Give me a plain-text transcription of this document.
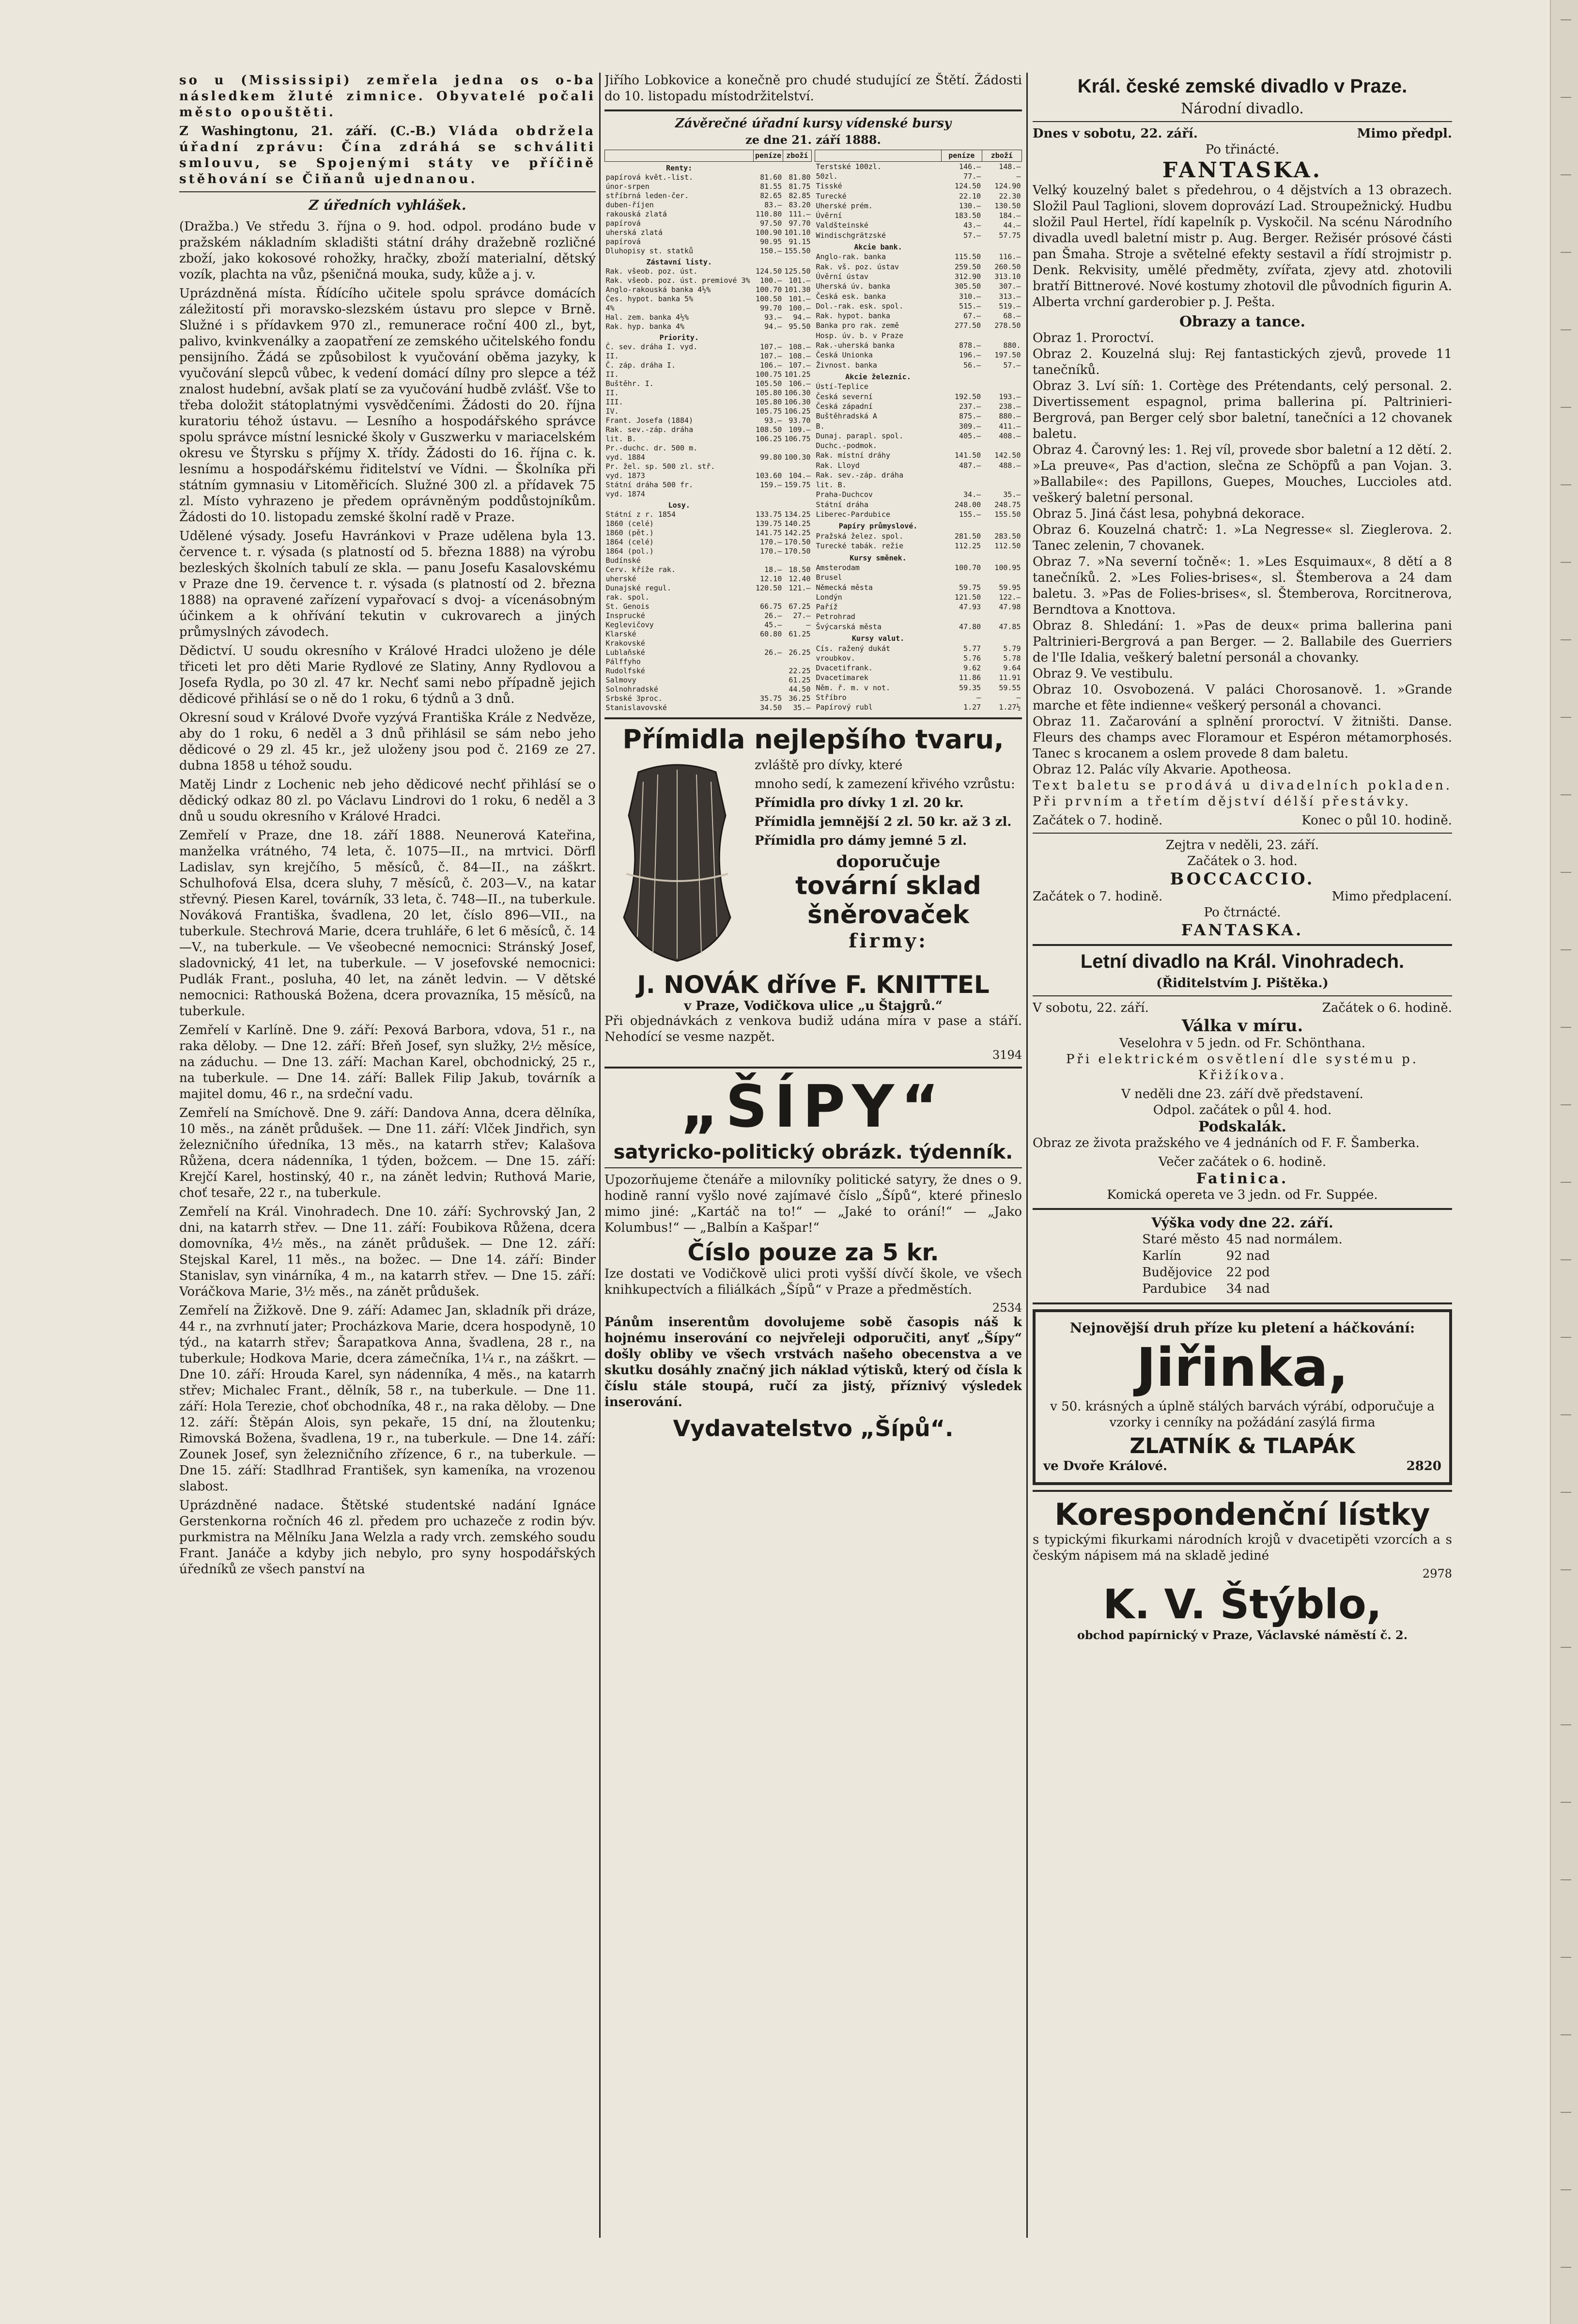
so u (Mississipi) zemřela jedna os o-ba následkem žluté zimnice. Obyvatelé počali město opouštěti.

Z Washingtonu, 21. září. (C.-B.) Vláda obdržela úřadní zprávu: Čína zdráhá se schváliti smlouvu, se Spojenými státy ve příčině stěhování se Čiňanů ujednanou.

Z úředních vyhlášek.

(Dražba.) Ve středu 3. října o 9. hod. odpol. prodáno bude v pražském nákladním skladišti státní dráhy dražebně rozličné zboží, jako kokosové rohožky, hračky, zboží materialní, dětský vozík, plachta na vůz, pšeničná mouka, sudy, kůže a j. v.

Uprázdněná místa. Řídícího učitele spolu správce domácích záležitostí při moravsko-slezském ústavu pro slepce v Brně. Služné i s přídavkem 970 zl., remunerace roční 400 zl., byt, palivo, kvinkvenálky a zaopatření ze zemského učitelského fondu pensijního. Žádá se způsobilost k vyučování oběma jazyky, k vyučování slepců vůbec, k vedení domácí dílny pro slepce a též znalost hudební, avšak platí se za vyučování hudbě zvlášť. Vše to třeba doložit státoplatnými vysvědčeními. Žádosti do 20. října kuratoriu téhož ústavu. — Lesního a hospodářského správce spolu správce místní lesnické školy v Guszwerku v mariacelském okresu ve Štyrsku s příjmy X. třídy. Žádosti do 16. října c. k. lesnímu a hospodářskému řiditelství ve Vídni. — Školníka při státním gymnasiu v Litoměřicích. Služné 300 zl. a přídavek 75 zl. Místo vyhrazeno je předem oprávněným poddůstojníkům. Žádosti do 10. listopadu zemské školní radě v Praze.

Udělené výsady. Josefu Havránkovi v Praze udělena byla 13. července t. r. výsada (s platností od 5. března 1888) na výrobu bezleských školních tabulí ze skla. — panu Josefu Kasalovskému v Praze dne 19. července t. r. výsada (s platností od 2. března 1888) na opravené zařízení vypařovací s dvoj- a vícenásobným účinkem a k ohřívání tekutin v cukrovarech a jiných průmyslných závodech.

Dědictví. U soudu okresního v Králové Hradci uloženo je déle třiceti let pro děti Marie Rydlové ze Slatiny, Anny Rydlovou a Josefa Rydla, po 30 zl. 47 kr. Nechť sami nebo případně jejich dědicové přihlásí se o ně do 1 roku, 6 týdnů a 3 dnů.

Okresní soud v Králové Dvoře vyzývá Františka Krále z Nedvěze, aby do 1 roku, 6 neděl a 3 dnů přihlásil se sám nebo jeho dědicové o 29 zl. 45 kr., jež uloženy jsou pod č. 2169 ze 27. dubna 1858 u téhož soudu.

Matěj Lindr z Lochenic neb jeho dědicové nechť přihlásí se o dědický odkaz 80 zl. po Václavu Lindrovi do 1 roku, 6 neděl a 3 dnů u soudu okresního v Králové Hradci.

Zemřelí v Praze, dne 18. září 1888. Neunerová Kateřina, manželka vrátného, 74 leta, č. 1075—II., na mrtvici. Dörfl Ladislav, syn krejčího, 5 měsíců, č. 84—II., na záškrt. Schulhofová Elsa, dcera sluhy, 7 měsíců, č. 203—V., na katar střevný. Piesen Karel, továrník, 33 leta, č. 748—II., na tuberkule. Nováková Františka, švadlena, 20 let, číslo 896—VII., na tuberkule. Stechrová Marie, dcera truhláře, 6 let 6 měsíců, č. 14—V., na tuberkule. — Ve všeobecné nemocnici: Stránský Josef, sladovnický, 41 let, na tuberkule. — V josefovské nemocnici: Pudlák Frant., posluha, 40 let, na zánět ledvin. — V dětské nemocnici: Rathouská Božena, dcera provazníka, 15 měsíců, na tuberkule.

Zemřelí v Karlíně. Dne 9. září: Pexová Barbora, vdova, 51 r., na raka děloby. — Dne 12. září: Břeň Josef, syn služky, 2½ měsíce, na záduchu. — Dne 13. září: Machan Karel, obchodnický, 25 r., na tuberkule. — Dne 14. září: Ballek Filip Jakub, továrník a majitel domu, 46 r., na srdeční vadu.

Zemřelí na Smíchově. Dne 9. září: Dandova Anna, dcera dělníka, 10 měs., na zánět průdušek. — Dne 11. září: Vlček Jindřich, syn železničního úředníka, 13 měs., na katarrh střev; Kalašova Růžena, dcera nádenníka, 1 týden, božcem. — Dne 15. září: Krejčí Karel, hostinský, 40 r., na zánět ledvin; Ruthová Marie, choť tesaře, 22 r., na tuberkule.

Zemřelí na Král. Vinohradech. Dne 10. září: Sychrovský Jan, 2 dni, na katarrh střev. — Dne 11. září: Foubikova Růžena, dcera domovníka, 4½ měs., na zánět průdušek. — Dne 12. září: Stejskal Karel, 11 měs., na božec. — Dne 14. září: Binder Stanislav, syn vinárníka, 4 m., na katarrh střev. — Dne 15. září: Voráčkova Marie, 3½ měs., na zánět průdušek.

Zemřelí na Žižkově. Dne 9. září: Adamec Jan, skladník při dráze, 44 r., na zvrhnutí jater; Procházkova Marie, dcera hospodyně, 10 týd., na katarrh střev; Šarapatkova Anna, švadlena, 28 r., na tuberkule; Hodkova Marie, dcera zámečníka, 1¼ r., na záškrt. — Dne 10. září: Hrouda Karel, syn nádenníka, 4 měs., na katarrh střev; Michalec Frant., dělník, 58 r., na tuberkule. — Dne 11. září: Hola Terezie, choť obchodníka, 48 r., na raka děloby. — Dne 12. září: Štěpán Alois, syn pekaře, 15 dní, na žloutenku; Rimovská Božena, švadlena, 19 r., na tuberkule. — Dne 14. září: Zounek Josef, syn železničního zřízence, 6 r., na tuberkule. — Dne 15. září: Stadlhrad František, syn kameníka, na vrozenou slabost.

Uprázdněné nadace. Štětské studentské nadání Ignáce Gerstenkorna ročních 46 zl. předem pro uchazeče z rodin býv. purkmistra na Mělníku Jana Welzla a rady vrch. zemského soudu Frant. Janáče a kdyby jich nebylo, pro syny hospodářských úředníků ze všech panství na

Jiřího Lobkovice a konečně pro chudé studující ze Štětí. Žádosti do 10. listopadu místodržitelství.

Závěrečné úřadní kursy vídenské bursy
ze dne 21. září 1888.
	peníze	zboží
Renty:		
papírová květ.-list.	81.60	81.80
únor-srpen	81.55	81.75
stříbrná leden-čer.	82.65	82.85
duben-říjen	83.—	83.20
rakouská zlatá	110.80	111.—
papírová	97.50	97.70
uherská zlatá	100.90	101.10
papírová	90.95	91.15
Dluhopisy st. statků	150.—	155.50
Zástavní listy.		
Rak. všeob. poz. úst.	124.50	125.50
Rak. všeob. poz. úst. premiové 3%	100.—	101.—
Anglo-rakouská banka 4½%	100.70	101.30
Čes. hypot. banka 5%	100.50	101.—
4%	99.70	100.—
Hal. zem. banka 4½%	93.—	94.—
Rak. hyp. banka 4%	94.—	95.50
Priority.		
Č. sev. dráha I. vyd.	107.—	108.—
II.	107.—	108.—
Č. záp. dráha I.	106.—	107.—
II.	100.75	101.25
Buštěhr. I.	105.50	106.—
II.	105.80	106.30
III.	105.80	106.30
IV.	105.75	106.25
Frant. Josefa (1884)	93.—	93.70
Rak. sev.-záp. dráha	108.50	109.—
lit. B.	106.25	106.75
Pr.-duchc. dr. 500 m.		
vyd. 1884	99.80	100.30
Pr. žel. sp. 500 zl. stř.		
vyd. 1873	103.60	104.—
Státní dráha 500 fr.	159.—	159.75
vyd. 1874		
Losy.		
Státní z r. 1854	133.75	134.25
1860 (celé)	139.75	140.25
1860 (pět.)	141.75	142.25
1864 (celé)	170.—	170.50
1864 (pol.)	170.—	170.50
Budínské		
Cerv. kříže rak.	18.—	18.50
uherské	12.10	12.40
Dunajské regul.	120.50	121.—
rak. spol.		
St. Genois	66.75	67.25
Insprucké	26.—	27.—
Keglevičovy	45.—	—
Klarské	60.80	61.25
Krakovské		
Lublaňské	26.—	26.25
Pálffyho		
Rudolfské		22.25
Salmovy		61.25
Solnohradské		44.50
Srbské 3proc.	35.75	36.25
Stanislavovské	34.50	35.—
	peníze	zboží
Terstské 100zl.	146.—	148.—
50zl.	77.—	—
Tisské	124.50	124.90
Turecké	22.10	22.30
Uherské prém.	130.—	130.50
Úvěrní	183.50	184.—
Valdšteinské	43.—	44.—
Windischgrätzské	57.—	57.75
Akcie bank.		
Anglo-rak. banka	115.50	116.—
Rak. vš. poz. ústav	259.50	260.50
Úvěrní ústav	312.90	313.10
Uherská úv. banka	305.50	307.—
Česká esk. banka	310.—	313.—
Dol.-rak. esk. spol.	515.—	519.—
Rak. hypot. banka	67.—	68.—
Banka pro rak. země	277.50	278.50
Hosp. úv. b. v Praze		
Rak.-uherská banka	878.—	880.
Česká Unionka	196.—	197.50
Živnost. banka	56.—	57.—
Akcie železnic.		
Ústí-Teplice		
Česká severní	192.50	193.—
Česká západní	237.—	238.—
Buštěhradská A	875.—	880.—
B.	309.—	411.—
Dunaj. parapl. spol.	405.—	408.—
Duchc.-podmok.		
Rak. místní dráhy	141.50	142.50
Rak. Lloyd	487.—	488.—
Rak. sev.-záp. dráha		
lit. B.		
Praha-Duchcov	34.—	35.—
Státní dráha	248.00	248.75
Liberec-Pardubice	155.—	155.50
Papíry průmyslové.		
Pražská želez. spol.	281.50	283.50
Turecké tabák. režie	112.25	112.50
Kursy směnek.		
Amsterodam	100.70	100.95
Brusel		
Německá města	59.75	59.95
Londýn	121.50	122.—
Paříž	47.93	47.98
Petrohrad		
Švýcarská města	47.80	47.85
Kursy valut.		
Cís. ražený dukát	5.77	5.79
vroubkov.	5.76	5.78
Dvacetifrank.	9.62	9.64
Dvacetimarek	11.86	11.91
Něm. ř. m. v not.	59.35	59.55
Stříbro	—	—
Papírový rubl	1.27	1.27½
Přímidla nejlepšího tvaru,

zvláště pro dívky, které

mnoho sedí, k zamezení křivého vzrůstu:

Přímidla pro dívky 1 zl. 20 kr.

Přímidla jemnější 2 zl. 50 kr. až 3 zl.

Přímidla pro dámy jemné 5 zl.

doporučuje
tovární sklad
šněrovaček
firmy:
J. NOVÁK dříve F. KNITTEL
v Praze, Vodičkova ulice „u Štajgrů.“

Při objednávkách z venkova budiž udána míra v pase a stáří. Nehodící se vesme nazpět.

3194
„ŠÍPY“
satyricko-politický obrázk. týdenník.

Upozorňujeme čtenáře a milovníky politické satyry, že dnes o 9. hodině ranní vyšlo nové zajímavé číslo „Šípů“, které přineslo mimo jiné: „Kartáč na to!“ — „Jaké to orání!“ — „Jako Kolumbus!“ — „Balbín a Kašpar!“

Číslo pouze za 5 kr.

Ize dostati ve Vodičkově ulici proti vyšší dívčí škole, ve všech knihkupectvích a filiálkách „Šípů“ v Praze a předměstích.

2534

Pánům inserentům dovolujeme sobě časopis náš k hojnému inserování co nejvřeleji odporučiti, anyť „Šípy“ došly obliby ve všech vrstvách našeho obecenstva a ve skutku dosáhly značný jich náklad výtisků, který od čísla k číslu stále stoupá, ručí za jistý, příznivý výsledek inserování.

Vydavatelstvo „Šípů“.
Král. české zemské divadlo v Praze.
Národní divadlo.
Dnes v sobotu, 22. září.	Mimo předpl.
Po třinácté.
FANTASKA.

Velký kouzelný balet s předehrou, o 4 dějstvích a 13 obrazech. Složil Paul Taglioni, slovem doprovází Lad. Stroupežnický. Hudbu složil Paul Hertel, řídí kapelník p. Vyskočil. Na scénu Národního divadla uvedl baletní mistr p. Aug. Berger. Režisér prósové části pan Šmaha. Stroje a světelné efekty sestavil a řídí strojmistr p. Denk. Rekvisity, umělé předměty, zvířata, zjevy atd. zhotovili bratří Bittnerové. Nové kostumy zhotovil dle původních figurin A. Alberta vrchní garderobier p. J. Pešta.

Obrazy a tance.

Obraz 1. Proroctví.

Obraz 2. Kouzelná sluj: Rej fantastických zjevů, provede 11 tanečníků.

Obraz 3. Lví síň: 1. Cortège des Prétendants, celý personal. 2. Divertissement espagnol, prima ballerina pí. Paltrinieri-Bergrová, pan Berger celý sbor baletní, tanečníci a 12 chovanek baletu.

Obraz 4. Čarovný les: 1. Rej víl, provede sbor baletní a 12 dětí. 2. »La preuve«, Pas d'action, slečna ze Schöpfů a pan Vojan. 3. »Ballabile«: des Papillons, Guepes, Mouches, Luccioles atd. veškerý baletní personal.

Obraz 5. Jiná část lesa, pohybná dekorace.

Obraz 6. Kouzelná chatrč: 1. »La Negresse« sl. Zieglerova. 2. Tanec zelenin, 7 chovanek.

Obraz 7. »Na severní točně«: 1. »Les Esquimaux«, 8 dětí a 8 tanečníků. 2. »Les Folies-brises«, sl. Štemberova a 24 dam baletu. 3. »Pas de Folies-brises«, sl. Štemberova, Rorcitnerova, Berndtova a Knottova.

Obraz 8. Shledání: 1. »Pas de deux« prima ballerina pani Paltrinieri-Bergrová a pan Berger. — 2. Ballabile des Guerriers de l'Ile Idalia, veškerý baletní personál a chovanky.

Obraz 9. Ve vestibulu.

Obraz 10. Osvobozená. V paláci Chorosanově. 1. »Grande marche et fête indienne« veškerý personál a chovanci.

Obraz 11. Začarování a splnění proroctví. V žitništi. Danse. Fleurs des champs avec Floramour et Espéron métamorphosés. Tanec s krocanem a oslem provede 8 dam baletu.

Obraz 12. Palác víly Akvarie. Apotheosa.

Text baletu se prodává u divadelních pokladen. Při prvním a třetím dějství délší přestávky.

Začátek o 7. hodině.	Konec o půl 10. hodině.
Zejtra v neděli, 23. září.
Začátek o 3. hod.
BOCCACCIO.
Začátek o 7. hodině.	Mimo předplacení.
Po čtrnácté.
FANTASKA.
Letní divadlo na Král. Vinohradech.
(Řiditelstvím J. Pištěka.)
V sobotu, 22. září.	Začátek o 6. hodině.
Válka v míru.
Veselohra v 5 jedn. od Fr. Schönthana.

Při elektrickém osvětlení dle systému p. Křižíkova.

V neděli dne 23. září dvě představení.
Odpol. začátek o půl 4. hod.
Podskalák.

Obraz ze života pražského ve 4 jednáních od F. F. Šamberka.

Večer začátek o 6. hodině.
Fatinica.
Komická opereta ve 3 jedn. od Fr. Suppée.
Výška vody dne 22. září.
Staré město	45 nad normálem.
Karlín	92 nad
Budějovice	22 pod
Pardubice	34 nad
Nejnovější druh příze ku pletení a háčkování:
Jiřinka,

v 50. krásných a úplně stálých barvách výrábí, odporučuje a vzorky i cenníky na požádání zasýlá firma

ZLATNÍK & TLAPÁK
ve Dvoře Králové.	2820
Korespondenční lístky

s typickými fikurkami národních krojů v dvacetipěti vzorcích a s českým nápisem má na skladě jediné

2978
K. V. Štýblo,
obchod papírnický v Praze, Václavské náměstí č. 2.
